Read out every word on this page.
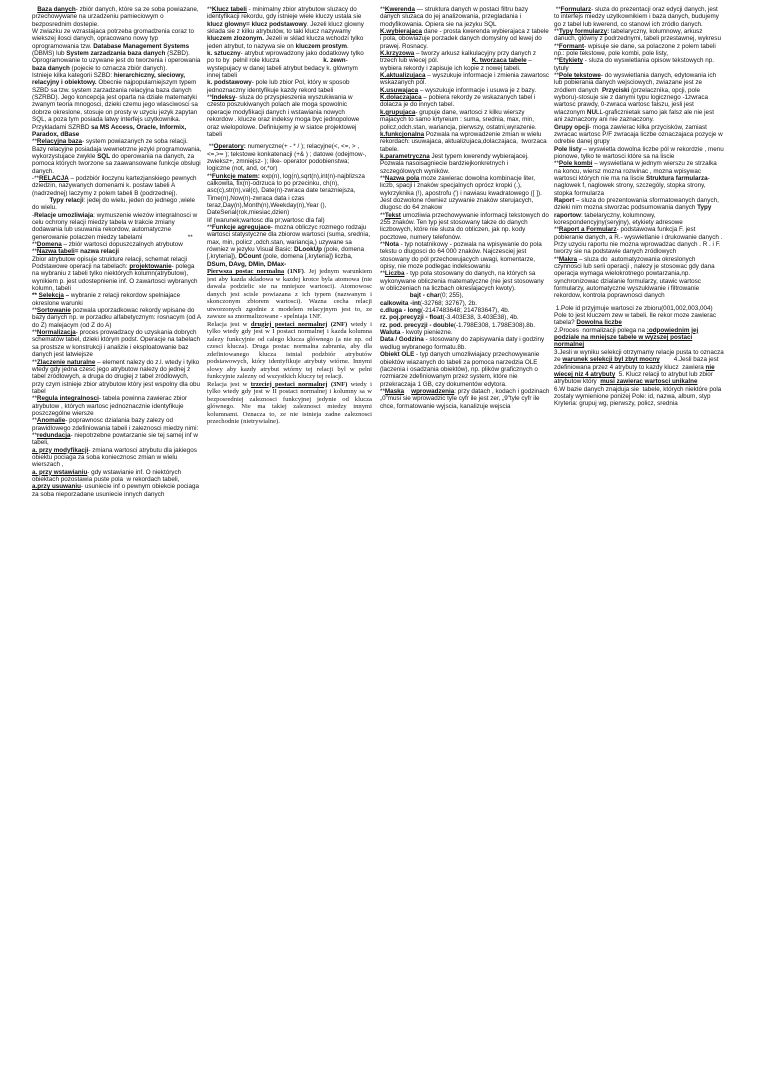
Baza danych- zbiór danych, które sa ze soba powiazane, przechowywane na urzadzeniu pamieciowym o bezposrednim dostepie.

W zwiazku ze wzrastajaca potrzeba gromadzenia coraz to wiekszej ilosci danych, opracowano nowy typ oprogramowania tzw. Database Management Systems (DBMS) lub System zarzadzania baza danych (SZBD). Oprogramowanie to uzywane jest do tworzenia i operowania baza danych (pojecie to oznacza zbiór danych).

Istnieje kilka kategorii SZBD: hierarchiczny, sieciowy, relacyjny i obiektowy. Obecnie najpopularniejszym typem SZBD sa tzw. system zarzadzania relacyjna baza danych (SZRBD). Jego koncepcja jest oparta na dziale matematyki zwanym teoria mnogosci, dzieki czemu jego wlasciwosci sa dobrze okreslone, stosuje on prosty w uzyciu jezyk zapytan SQL, a poza tym posiada latwy interfejs uzytkownika. Przykladami SZRBD sa MS Access, Oracle, Informix, Paradox, dBase

**Relacyjna baza- system powiazanych ze soba relacji. Bazy relacyjne posiadaja wewnetrzne jezyki programowania, wykorzystujace zwykle SQL do operowania na danych, za pomoca których tworzone sa zaawansowane funkcje obslugi danych.

-**RELACJA – podzbiór iloczynu kartezjanskiego pewnych dziedzin, nazywanych domenami k. postaw tabeli A (nadrzednej) laczymy z polem tabeli B (podrzednej).           Typy relacji: jedej do wielu, jeden do jednego ,wiele do wielu.

-Relacje umozliwiaja: wymuszenie wiezów integralnosci w celu ochrony relacji miedzy tabela w trakcie zmiany dodawania lub usuwania rekordow, automatyczne generowanie polaczen miedzy tabelami                          **

**Domena – zbiór wartosci dopuszczalnych atrybutow

**Nazwa tabeli= nazwa relacji

Zbior atrybutow opisuje strukture relacji, schemat relacji Podstawowe operacji na tabelach: projektowanie- polega na wybraniu z tabeli tylko niektórych kolumn(atrybutow), wynikiem p. jest udostepnienie inf. O zawartosci wybranych kolumn, tabeli

** Selekcja – wybranie z relacji rekordow spelniajace okreslone warunki

**Sortowanie pozwala uporzadkowac rekordy wpisane do bazy danych np. w porzadku alfabetycznym: rosnacym (od A do Z) malejacym (od Z do A)

**Normalizacja- proces prowadzacy do uzyskania dobrych schematów tabel, dzieki którym podst. Operacje na tabelach sa prostsze w konstrukcji i analizie i eksploatowanie baz danych jest latwiejsze

**Zlaczenie naturalne – element nalezy do z.l. wtedy i tylko wtedy gdy jedna czesc jego atrybutow nalezy do jednej z tabel zródlowych, a druga do drugiej z tabel zródlowych, przy czym istnieje zbior atrybutow który jest wspolny dla obu tabel

**Regula integralnosci- tabela powinna zawierac zbior atrybutow , których wartosc jednoznacznie identyfikuje poszczególne wiersze

**Anomalie- poprawnosc dzialania bazy zalezy od prawidlowego zdefiniowania tabeli i zaleznosci miedzy nimi:

**redundacja- niepotrzebne powtarzanie sie tej samej inf w tabeli,

a. przy modyfikacji- zmiana wartosci atrybutu dla jakiegos obiektu pociaga za soba koniecznosc zmian w wielu wierszach ,

a. przy wstawianiu- gdy wstawianie inf. O niektórych obiektach pozostawia puste pola  w rekordach tabeli,

a.przy usuwaniu- usuniecie inf o pewnym obiekcie pociaga za soba nieporzadane usuniecie innych danych

**Klucz tabeli - minimalny zbior atrybutow sluzacy do identyfikacji rekordu, gdy istnieje wiele kluczy ustala sie klucz glowny= klucz podstawowy. Jezeli klucz glowny sklada sie z kilku atrybutów, to taki klucz nazywamy kluczem zlozonym. Jezeli w sklad klucza wchodzi tylko jeden atrybut, to nazywa sie on kluczem prostym.

k. sztuczny- atrybut wprowadzony jako dodatkowy tylko po to by  pelnil role klucza                         k. zewn-wystepujacy w danej tabeli atrybut bedacy k. glównym innej tabeli

k. podstawowy- pole lub zbior Pol, który w sposob jednoznaczny identyfikuje kazdy rekord tabeli

**Indeksy- sluza do przyspieszenia wyszukiwania w czesto poszukiwanych polach ale moga spowolnic operacje modyfikacji danych i wstawiania nowych rekordow . klucze oraz indeksy moga byc jednopolowe oraz wielopolowe. Definiujemy je w siatce projektowej tabeli

**Operatory: numeryczne(+ - * / ); relacyjne(<, <=, > ,<=,>= ); tekstowe konkatenacji (+& ) ; datowe (odejmow-, zwieksz+, zmniejsz- ); like- operator podobienstwa; logiczne (not, and, or,*or)

**Funkcje matem: exp(n), log(n),sqrt(n),int(n)-najblizsza calkowita, fix(n)-odrzuca to po przecinku, ch(n), asc(c),str(n),val(c), Date(n)-zwraca date terazniejsza, Time(n),Now(n)-zwraca data i czas teraz,Day(n),Month(n),Weekday(n),Year (), DateSerial(rok,miesiac,dzien)

Iif (warunek;wartosc dla pr;wartosc dla fal)

**Funkcje agregujace- mozna obliczyc rozmego rodzaju wartosci statystyczne dla zbiorow wartosci (suma, srednia, max, min, policz ,odch.stan, wariancja,) uzywane sa równiez w jezyku Visual Basic: DLookUp (pole, domena [,kryteria]), DCount (pole, domena [,kryteria]) liczba, DSum, DAvg, DMin, DMax-

Pierwsza postac normalna (1NF). Jej jednym warunkiem jest aby kazda skladowa w kazdej krotce byla atomowa (nie dawala podzielic sie na mniejsze wartosci). Atomowosc danych jest scisle powiazana z ich typem (nazwanym i skonczonym zbiorem wartosci). Wazna cecha relacji utworzonych zgodnie z modelem relacyjnym jest to, ze zawsze sa znormalizowane - spelniaja 1NF.

Relacja jest w drugiej postaci normalnej (2NF) wtedy i tylko wtedy gdy jest w I postaci normalnej i kazda kolumna zalezy funkcyjnie od calego klucza glównego (a nie np. od czesci klucza). Druga postac normalna zabrania, aby dla zdefiniowanego klucza istnial podzbiór atrybutów podstawowych, który identyfikuje atrybuty wtórne. Innymi slowy aby kazdy atrybut wtórny tej relacji byl w pelni funkcyjnie zalezny od wszystkich kluczy tej relacji.

Relacja jest w trzeciej postaci normalnej (3NF) wtedy i tylko wtedy gdy jest w II postaci normalnej i kolumny sa w bezposredniej zaleznosci funkcyjnej jedynie od klucza glównego. Nie ma takiej zaleznosci miedzy innymi kolumnami. Oznacza to, ze nie istnieja zadne zaleznosci przechodnie (nietrywialne).

**Kwerenda — struktura danych w postaci filtru bazy danych sluzaca do jej analizowania, przegladania i modyfikowania. Opiera sie na jezyku SQL

K.wybierajaca dane - prosta kwerenda wybierajaca z tabele i pola, obowiazuje porzadek danych domyslny od lewej do prawej. Rosnacy.

K.krzyzowa – tworzy arkusz kalkulacyjny przy danych z trzech lub wiecej pól.                   K. tworzaca tabele – wybiera rekordy i zapisuje ich kopie z nowej tabeli.

K.aktualizujaca – wyszukuje informacje i zmienia zawartosc wskazanych pól.

K.usuwajaca – wyszukuje informacje i usuwa je z bazy.

K.dolaczajaca – pobiera rekordy ze wskazanych tabel i dolacza je do innych tabel.

k.grupujaca- grupuje dane, wartosci z kilku wierszy majacych to samo krtyreium : suma, srednia, max, min, policz,odch.stan, wariancja, pierwszy, ostatni,wyrazenie.

k.funkcjonalna Pozwala na wprowadzenie zmian w wielu rekordach: usuwajaca, aktualizujaca,dolaczajaca,  tworzaca tabele.

k.parametryczna Jest typem kwerendy wybierajacej. Pozwala nasoisagniecie bardziejkonkretnych i szczególowych wyników.

**Nazwa pola moze zawierac dowolna kombinacje liter, liczb, spacji i znaków specjalnych oprócz kropki (.), wykrzyknika (!), apostrofu (') i nawiasu kwadratowego ([ ]). Jest dozwolone równiez uzywanie znaków sterujacych, dlugosc do 64 znakow

**Tekst umozliwia przechowywanie informacji tekstowych do 255 znaków. Ten typ jest stosowany takze do danych liczbowych, które nie sluza do obliczen, jak np. kody pocztowe, numery telefonów.

**Nota - typ notatnikowy - pozwala na wpisywanie do pola tekstu o dlugosci do 64 000 znaków. Najczesciej jest stosowany do pól przechowujacych uwagi, komentarze, opisy, nie moze podlegac indeksowaniu

**Liczba - typ pola stosowany do danych, na których sa wykonywane obliczenia matematyczne (nie jest stosowany w obliczeniach na liczbach okreslajacych kwoty).                  bajt - char(0; 255),

calkowita -int(-32768; 32767), 2b.

c.dluga - long(-2147483648; 214783647), 4b.

rz. poj.precyzji - float(-3.403E38, 3.403E38), 4b.

rz. pod. precyzji - double(-1.798E308, 1.798E308).8b.

Waluta - kwoty pieniezne.

Data / Godzina - stosowany do zapisywania daty i godziny wedlug wybranego formatu.8b.

Obiekt OLE - typ danych umozliwiajacy przechowywanie obiektów wiazanych do tabeli za pomoca narzedzia OLE (laczenia i osadzania obiektów), np. plików graficznych o rozmiarze zdefiniowanym przez system, które nie przekraczaja 1 GB, czy dokumentów edytora.

**Maska wprowadzenia: przy datach , kodach i godzinach „0”musi sie wprowadzic tyle cyfr ile jest zer, „9”tyle cyfr ile chce, formatowanie wyjscia, kanalizuje wejscia

**Formularz- sluza do prezentacji oraz edycji danych, jest to interfejs miedzy uzytkownikiem i baza danych, budujemy go z tabel lub kwerend, co stanowi ich zródlo danych.

**Typy formularzy: tabelaryczny, kolumnowy, arkusz danuch, glówny z podrzednymi, tabeli przestawnej, wykresu

**Formant- wpisuje sie dane, sa polaczone z polem tabeli np.: pole tekstowe, pole kombi, pole listy,

**Etykiety - sluza do wyswietlania opisow tekstowych np. tytuly

**Pole tekstowe- do wyswietlania danych, edytowania ich lub pobierania danych wejsciowych, zwiazane jest ze zródlem danych  Przyciski (przelacznika, opcji, pole wyboru)-stosuje sie z danymi typu logicznego -1zwraca wartosc prawdy, 0-zwraca wartosc falszu, jesli jest wlaczonym NULL-graficznietak samo jak falsz ale nie jest ani zaznaczony ani nie zaznaczony.

Grupy opcji- moga zawierac kilka przycisków, zamiast zwracac wartosc P/F zwracaja liczbe oznaczajaca pozycje w odrebie danej grupy

Pole listy – wyswietla dowolna liczbe pól w rekordzie , menu pionowe, tylko te wartosci które sa na liscie

**Pole kombi – wyswietlana w jednym wierszu ze strzalka na koncu, wiersz mozna rozwinac , mozna wpisywac wartosci których nie ma na liscie Struktura farmularza- naglowek f, naglowek strony, szczególy, stopka strony, stopka formularza

Raport – sluza do prezentowania sformatowanych danych, dzieki nim mozna stworzac podsumowania danych Typy raportow: tabelaryczny, kolumnowy, korespondencyjny(seryjny), etykiety adresowe

**Raport a Formularz- podstawowa funkcja F. jest pobieranie danych, a R.- wyswietlanie i drukowanie danych . Przy uzyciu raportu nie mozna wprowadzac danych . R . i F. tworzy sie na podstawie danych zródlowych

**Makra – sluza do  automatyzowania okreslonych czynnosci lub serii operacji , nalezy je stosowac gdy dana operacja wymaga wielokrotnego powtarzania,np. synchronizowac dzialanie formularzy, utawic wartosc formularzy, automatyczne wyszukiwanie i filtrowanie rekordow, kontrola poprawnosci danych

1.Pole id przyjmuje wartosci ze zbioru(001,002,003,004) Pole to jest kluczem zew w tabeli. Ile rekor moze zawierac tabela? Dowolna liczbe

2.Proces  normalizacji polega na :odpowiednim jej podziale na mniejsze tabele w wyzszej postaci normalnej

3.Jesli w wyniku selekcji otrzymamy relacje pusta to oznacza ze warunek selekcji byl zbyt mocny        4.Jesli baza jest zdefiniowana przez 4 atrybuty to kazdy klucz  zawiera nie wiecej niz 4 atrybuty  5. Klucz relacji to atrybut lub zbior atrybutow który  musi zawierac wartosci unikalne

6.W bazie danych znajduja sie  tabele, których niektóre pola zostaly wymienione ponizej Pole: id, nazwa, album, styp Kryteria: grupuj wg, pierwszy, policz, srednia
